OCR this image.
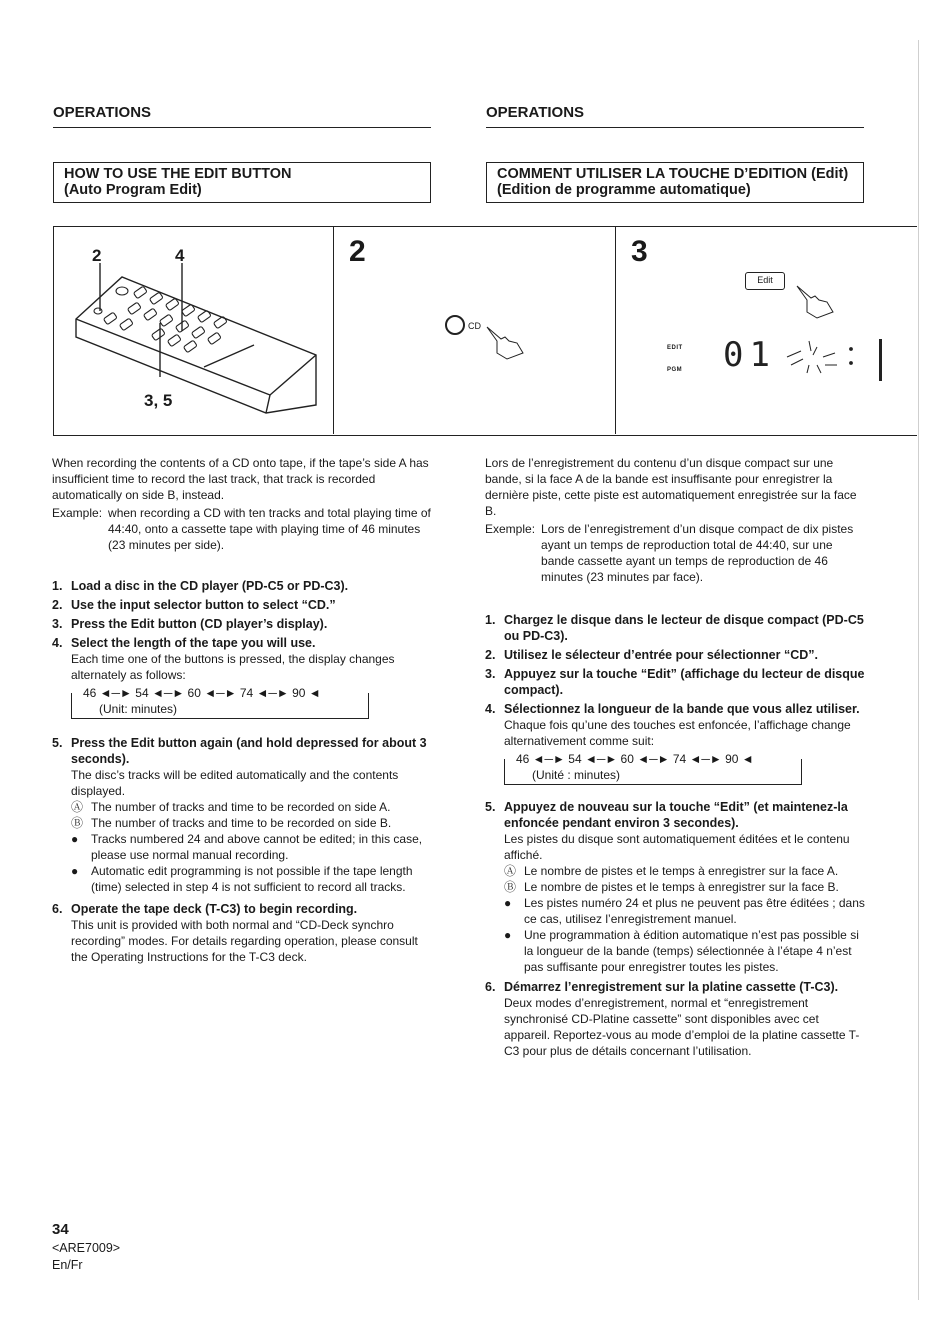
OPERATIONS	OPERATIONS
HOW TO USE THE EDIT BUTTON
(Auto Program Edit)
COMMENT UTILISER LA TOUCHE D’EDITION (Edit)
(Edition de programme automatique)
2	4
3, 5
2
CD
3
Edit
EDIT
PGM 01

When recording the contents of a CD onto tape, if the tape’s side A has insufficient time to record the last track, that track is recorded automatically on side B, instead.

Example: when recording a CD with ten tracks and total playing time of 44:40, onto a cassette tape with playing time of 46 minutes (23 minutes per side).
1. Load a disc in the CD player (PD-C5 or PD-C3).
2. Use the input selector button to select “CD.”
3. Press the Edit button (CD player’s display).
4. Select the length of the tape you will use.
Each time one of the buttons is pressed, the display changes alternately as follows:
46 ◄─► 54 ◄─► 60 ◄─► 74 ◄─► 90 ◄
(Unit: minutes)
5. Press the Edit button again (and hold depressed for about 3 seconds).
The disc’s tracks will be edited automatically and the contents displayed.
Ⓐ The number of tracks and time to be recorded on side A.
Ⓑ The number of tracks and time to be recorded on side B.
●	Tracks numbered 24 and above cannot be edited; in this case, please use normal manual recording.
●	Automatic edit programming is not possible if the tape length (time) selected in step 4 is not sufficient to record all tracks.
6. Operate the tape deck (T-C3) to begin recording.
This unit is provided with both normal and “CD-Deck synchro recording” modes. For details regarding operation, please consult the Operating Instructions for the T-C3 deck.

Lors de l’enregistrement du contenu d’un disque compact sur une bande, si la face A de la bande est insuffisante pour enregistrer la dernière piste, cette piste est automatiquement enregistrée sur la face B.

Exemple: Lors de l’enregistrement d’un disque compact de dix pistes ayant un temps de reproduction total de 44:40, sur une bande cassette ayant un temps de reproduction de 46 minutes (23 minutes par face).
1. Chargez le disque dans le lecteur de disque compact (PD-C5 ou PD-C3).
2. Utilisez le sélecteur d’entrée pour sélectionner “CD”.
3. Appuyez sur la touche “Edit” (affichage du lecteur de disque compact).
4. Sélectionnez la longueur de la bande que vous allez utiliser.
Chaque fois qu’une des touches est enfoncée, l’affichage change alternativement comme suit:
46 ◄─► 54 ◄─► 60 ◄─► 74 ◄─► 90 ◄
(Unité : minutes)
5. Appuyez de nouveau sur la touche “Edit” (et maintenez-la enfoncée pendant environ 3 secondes).
Les pistes du disque sont automatiquement éditées et le contenu affiché.
Ⓐ Le nombre de pistes et le temps à enregistrer sur la face A.
Ⓑ Le nombre de pistes et le temps à enregistrer sur la face B.
●	Les pistes numéro 24 et plus ne peuvent pas être éditées ; dans ce cas, utilisez l’enregistrement manuel.
●	Une programmation à édition automatique n’est pas possible si la longueur de la bande (temps) sélectionnée à l’étape 4 n’est pas suffisante pour enregistrer toutes les pistes.
6. Démarrez l’enregistrement sur la platine cassette (T-C3).
Deux modes d’enregistrement, normal et “enregistrement synchronisé CD-Platine cassette” sont disponibles avec cet appareil. Reportez-vous au mode d’emploi de la platine cassette T-C3 pour plus de détails concernant l’utilisation.
34
<ARE7009>
En/Fr
